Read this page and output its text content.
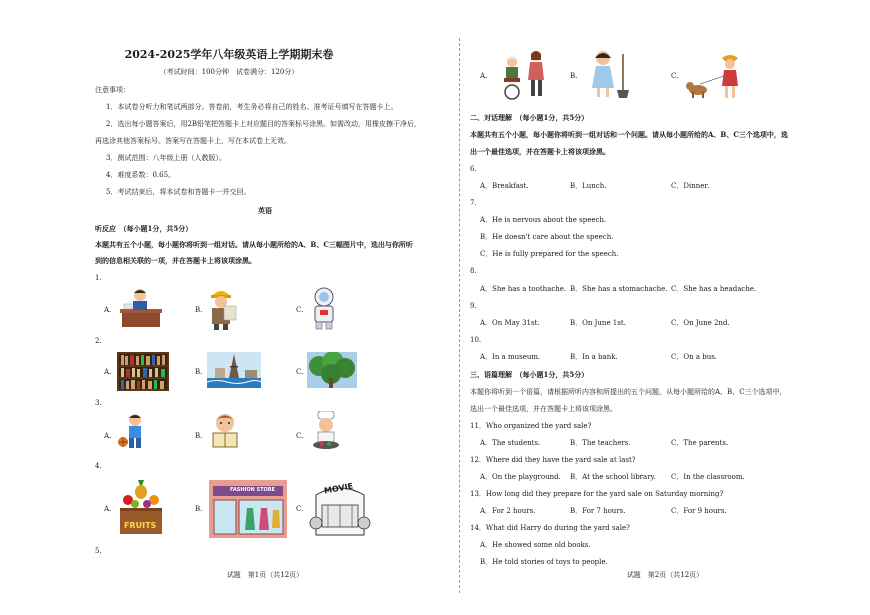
2024-2025学年八年级英语上学期期末卷
（考试时间：100分钟　试卷满分：120分）
注意事项：
1．本试卷分听力和笔试两部分。答卷前，考生务必将自己的姓名、准考证号填写在答题卡上。
2．选出每小题答案后，用2B铅笔把答题卡上对应题目的答案标号涂黑。如需改动，用橡皮擦干净后，
再选涂其他答案标号。答案写在答题卡上，写在本试卷上无效。
3．测试范围：八年级上册（人教版）。
4．难度系数：0.65。
5．考试结束后，将本试卷和答题卡一并交回。
英语
听反应　（每小题1分，共5分）
本题共有五个小题，每小题你将听到一组对话。请从每小题所给的A、B、C三幅图片中，选出与你所听
到的信息相关联的一项，并在答题卡上将该项涂黑。
1.
A.	B.	C.
2.
A.	B.	C.
3.
A.	B.	C.
4.
A.	B.	C.
FRUITS
FASHION STORE	MOVIE
5.
试题　第1页（共12页）
A.	B.	C.
二、对话理解　（每小题1分，共5分）
本题共有五个小题，每小题你将听到一组对话和一个问题。请从每小题所给的A、B、C三个选项中，选
出一个最佳选项，并在答题卡上将该项涂黑。
6.
A．Breakfast.	B．Lunch.	C．Dinner.
7.
A．He is nervous about the speech.
B．He doesn't care about the speech.
C．He is fully prepared for the speech.
8.
A．She has a toothache. B．She has a stomachache. C．She has a headache.
9.
A．On May 31st.	B．On June 1st.	C．On June 2nd.
10.
A．In a museum.	B．In a bank.	C．On a bus.
三、语篇理解　（每小题1分，共5分）
本题你将听到一个语篇，请根据所听内容和所提出的五个问题，从每小题所给的A、B、C三个选项中，
选出一个最佳选项，并在答题卡上将该项涂黑。
11．Who organized the yard sale?
A．The students.	B．The teachers.	C．The parents.
12．Where did they have the yard sale at last?
A．On the playground. B．At the school library. C．In the classroom.
13．How long did they prepare for the yard sale on Saturday morning?
A．For 2 hours.	B．For 7 hours.	C．For 9 hours.
14．What did Harry do during the yard sale?
A．He showed some old books.
B．He told stories of toys to people.
试题　第2页（共12页）
